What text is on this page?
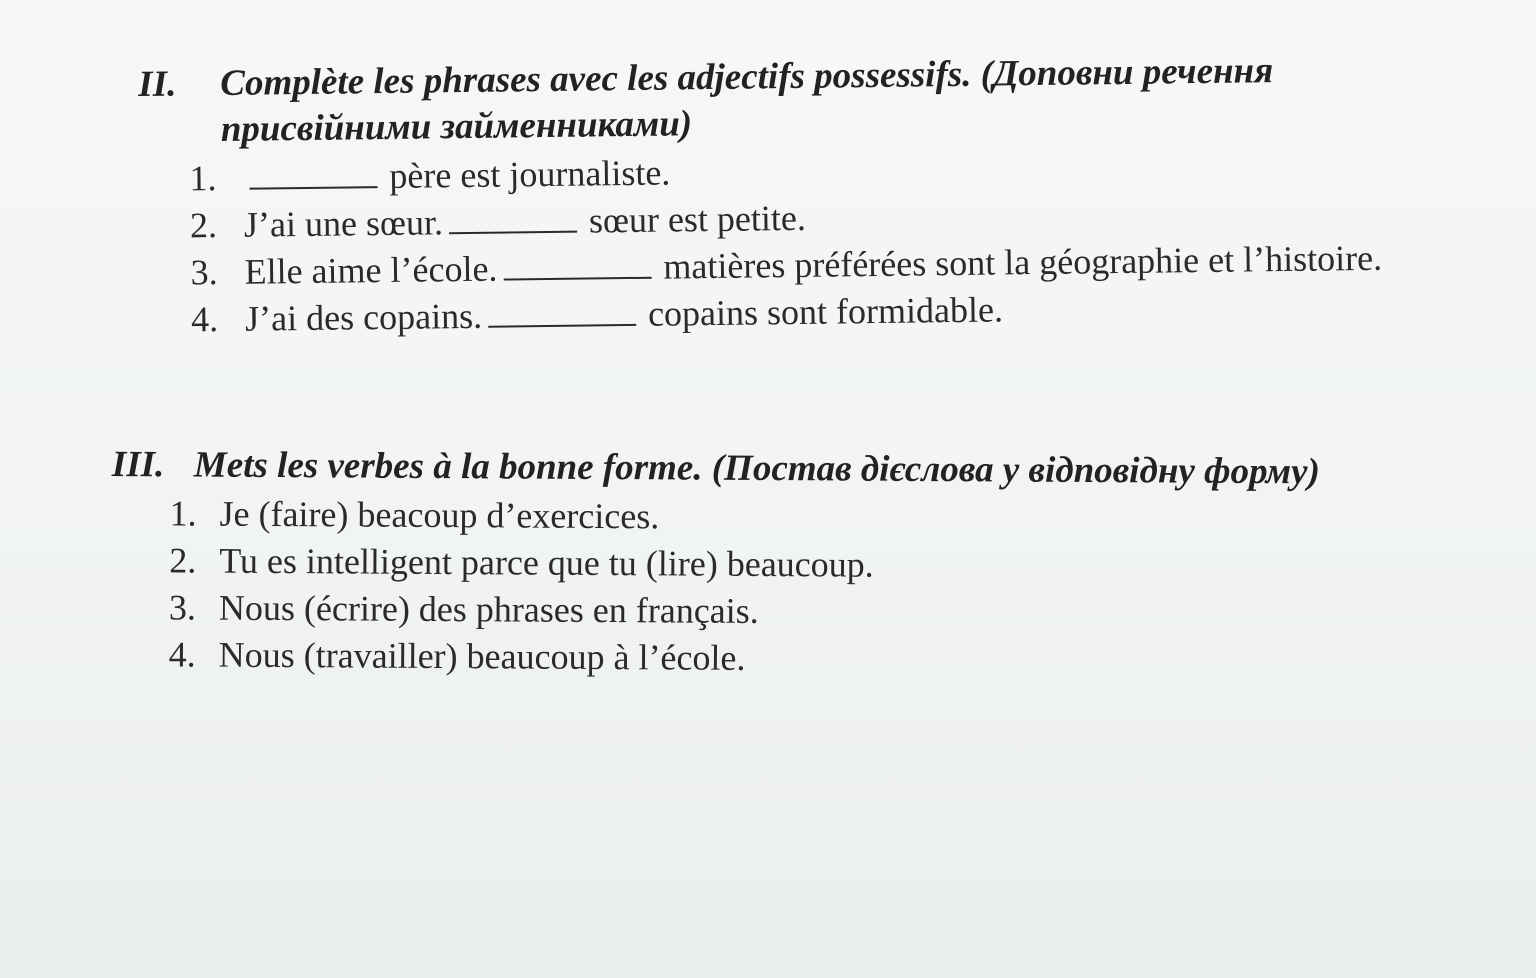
II. Complète les phrases avec les adjectifs possessifs. (Доповни речення присвійними займенниками)
1.	père est journaliste.
2. J’ai une sœur.	sœur est petite.
3. Elle aime l’école.	matières préférées sont la géographie et l’histoire.
4. J’ai des copains.	copains sont formidable.
III. Mets les verbes à la bonne forme. (Постав дієслова у відповідну форму)
1. Je (faire) beacoup d’exercices.
2. Tu es intelligent parce que tu (lire) beaucoup.
3. Nous (écrire) des phrases en français.
4. Nous (travailler) beaucoup à l’école.
